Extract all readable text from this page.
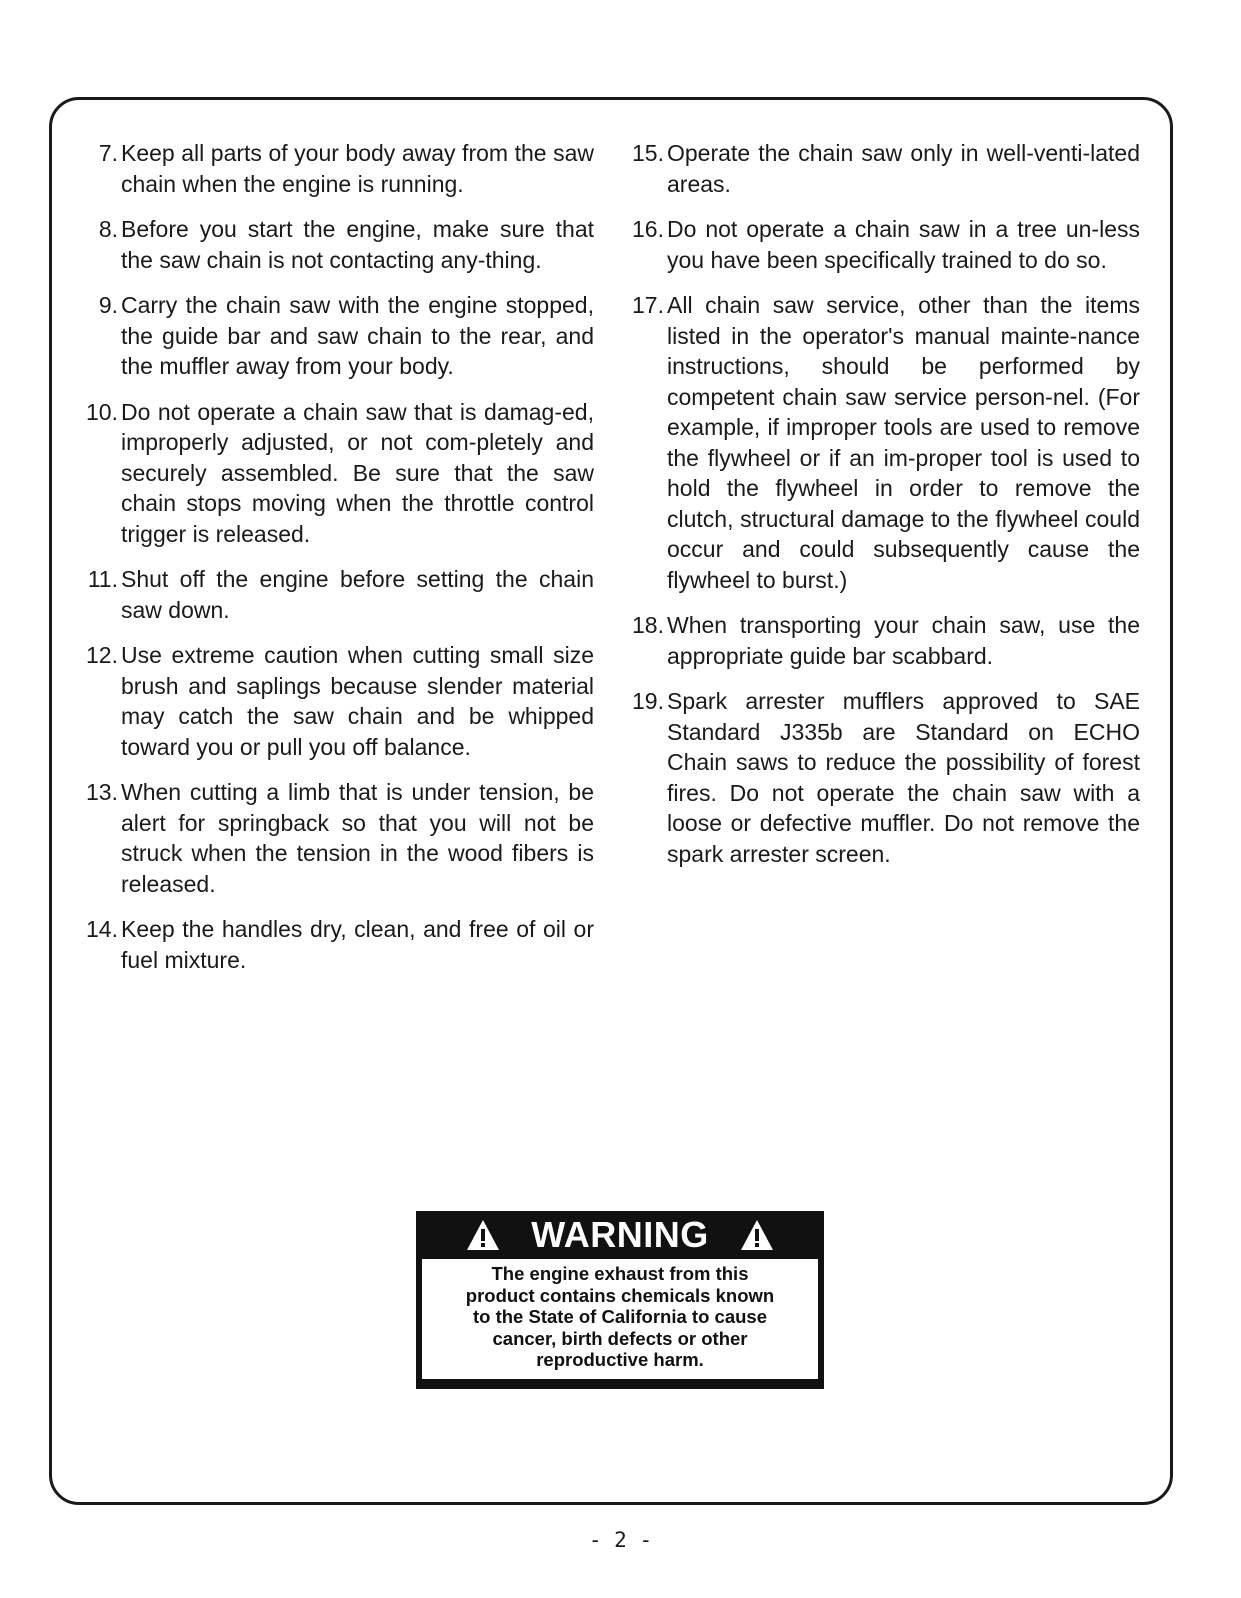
7. Keep all parts of your body away from the saw chain when the engine is running.
8. Before you start the engine, make sure that the saw chain is not contacting any-thing.
9. Carry the chain saw with the engine stopped, the guide bar and saw chain to the rear, and the muffler away from your body.
10. Do not operate a chain saw that is damag-ed, improperly adjusted, or not com-pletely and securely assembled. Be sure that the saw chain stops moving when the throttle control trigger is released.
11. Shut off the engine before setting the chain saw down.
12. Use extreme caution when cutting small size brush and saplings because slender material may catch the saw chain and be whipped toward you or pull you off balance.
13. When cutting a limb that is under tension, be alert for springback so that you will not be struck when the tension in the wood fibers is released.
14. Keep the handles dry, clean, and free of oil or fuel mixture.
15. Operate the chain saw only in well-venti-lated areas.
16. Do not operate a chain saw in a tree un-less you have been specifically trained to do so.
17. All chain saw service, other than the items listed in the operator's manual mainte-nance instructions, should be performed by competent chain saw service person-nel. (For example, if improper tools are used to remove the flywheel or if an im-proper tool is used to hold the flywheel in order to remove the clutch, structural damage to the flywheel could occur and could subsequently cause the flywheel to burst.)
18. When transporting your chain saw, use the appropriate guide bar scabbard.
19. Spark arrester mufflers approved to SAE Standard J335b are Standard on ECHO Chain saws to reduce the possibility of forest fires. Do not operate the chain saw with a loose or defective muffler. Do not remove the spark arrester screen.
WARNING
The engine exhaust from this
product contains chemicals known
to the State of California to cause
cancer, birth defects or other
reproductive harm.
- 2 -
